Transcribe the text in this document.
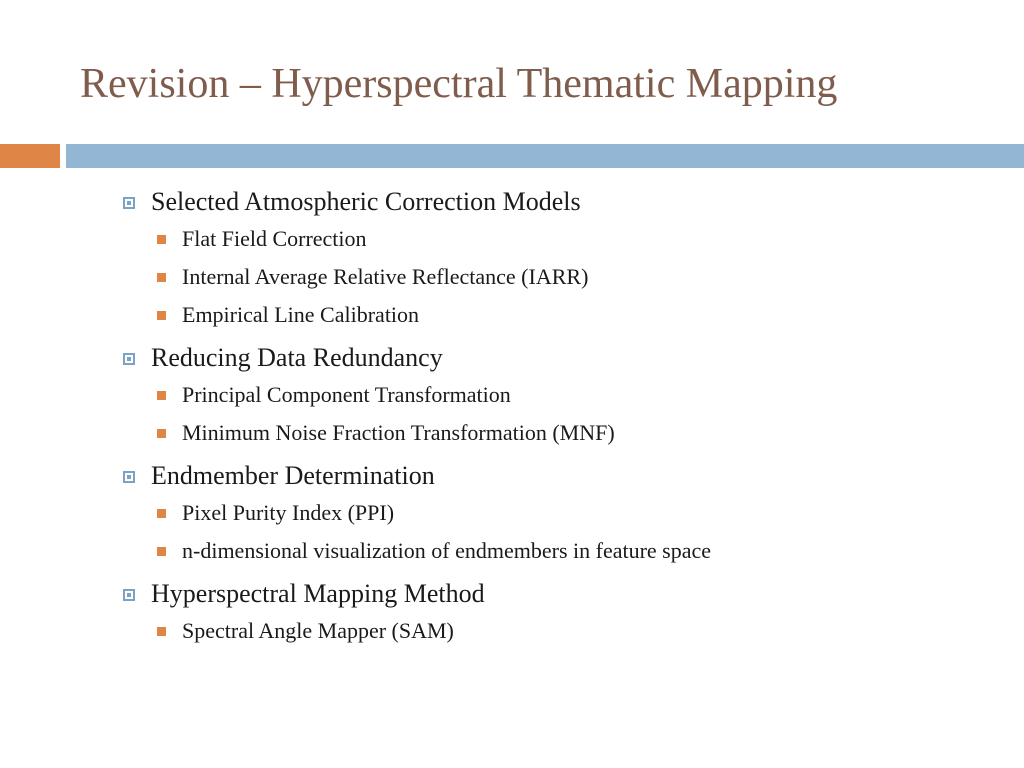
Revision – Hyperspectral Thematic Mapping
Selected Atmospheric Correction Models
Flat Field Correction
Internal Average Relative Reflectance (IARR)
Empirical Line Calibration
Reducing Data Redundancy
Principal Component Transformation
Minimum Noise Fraction Transformation (MNF)
Endmember Determination
Pixel Purity Index (PPI)
n-dimensional visualization of endmembers in feature space
Hyperspectral Mapping Method
Spectral Angle Mapper (SAM)
